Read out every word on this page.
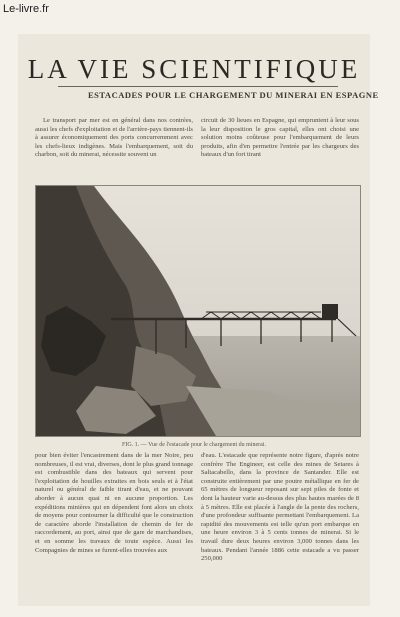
Le-livre.fr
LA VIE SCIENTIFIQUE
ESTACADES POUR LE CHARGEMENT DU MINERAI EN ESPAGNE

Le transport par mer est en général dans nos contrées, aussi les chefs d'exploitation et de l'arrière-pays tiennent-ils à assurer économiquement des ports concurremment avec les chefs-lieux indigènes. Mais l'embarquement, soit du charbon, soit du minerai, nécessite souvent un

circuit de 30 lieues en Espagne, qui empruntent à leur sous la leur disposition le gros capital, elles ont choisi une solution moins coûteuse pour l'embarquement de leurs produits, afin d'en permettre l'entrée par les chargeurs des bateaux d'un fort tirant

FIG. 1. — Vue de l'estacade pour le chargement du minerai.

pour bien éviter l'encastrement dans de la mer Noire, peu nombreuses, il est vrai, diverses, dont le plus grand tonnage est combustible dans des bateaux qui servent pour l'exploitation de houilles extraites en bois seuls et à l'état naturel ou général de faible tirant d'eau, et ne pouvant aborder à aucun quai ni en aucune proportion. Les expéditions minières qui en dépendent font alors un choix de moyens pour contourner la difficulté que le construction de caractère aborde l'installation de chemin de fer de raccordement, au port, ainsi que de gare de marchandises, et en somme les travaux de toute espèce. Aussi les Compagnies de mines se furent-elles trouvées aux

d'eau. L'estacade que représente notre figure, d'après notre confrère The Engineer, est celle des mines de Setares à Saltacabello, dans la province de Santander. Elle est construite entièrement par une poutre métallique en fer de 65 mètres de longueur reposant sur sept piles de fonte et dont la hauteur varie au-dessus des plus hautes marées de 8 à 5 mètres. Elle est placée à l'angle de la pente des rochers, d'une profondeur suffisante permettant l'embarquement. La rapidité des mouvements est telle qu'un port embarque en une heure environ 3 à 5 cents tonnes de minerai. Si le travail dure deux heures environ 3,000 tonnes dans les bateaux. Pendant l'année 1886 cette estacade a vu passer 250,000
